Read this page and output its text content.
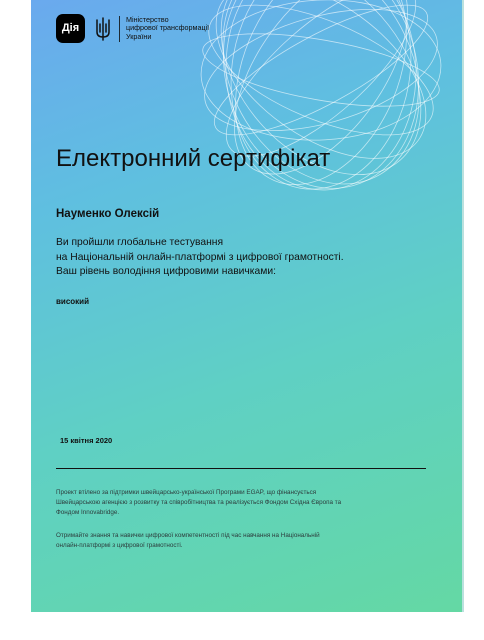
Дія
Міністерство
цифрової трансформації
України
Електронний сертифікат
Науменко Олексій
Ви пройшли глобальне тестування
на Національній онлайн-платформі з цифрової грамотності.
Ваш рівень володіння цифровими навичками:
високий
15 квітня 2020
Проект втілено за підтримки швейцарсько-української Програми EGAP, що фінансується
Швейцарською агенцією з розвитку та співробітництва та реалізується Фондом Східна Європа та
Фондом Innovabridge.
Отримайте знання та навички цифрової компетентності під час навчання на Національній
онлайн-платформі з цифрової грамотності.
